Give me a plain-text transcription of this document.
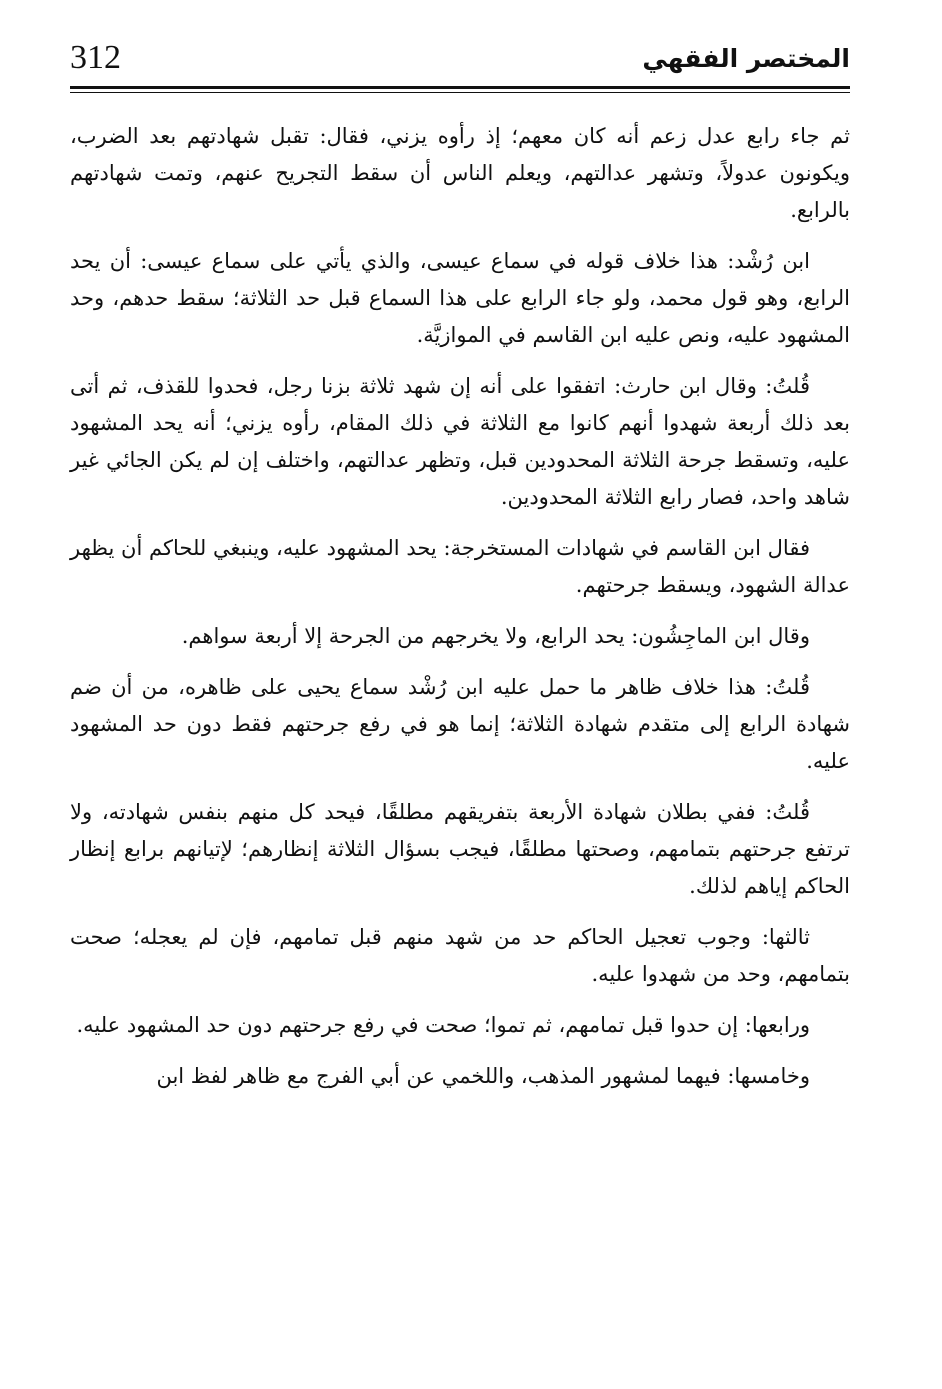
312	المختصر الفقهي

ثم جاء رابع عدل زعم أنه كان معهم؛ إذ رأوه يزني، فقال: تقبل شهادتهم بعد الضرب، ويكونون عدولاً، وتشهر عدالتهم، ويعلم الناس أن سقط التجريح عنهم، وتمت شهادتهم بالرابع.

ابن رُشْد: هذا خلاف قوله في سماع عيسى، والذي يأتي على سماع عيسى: أن يحد الرابع، وهو قول محمد، ولو جاء الرابع على هذا السماع قبل حد الثلاثة؛ سقط حدهم، وحد المشهود عليه، ونص عليه ابن القاسم في الموازيَّة.

قُلتُ: وقال ابن حارث: اتفقوا على أنه إن شهد ثلاثة بزنا رجل، فحدوا للقذف، ثم أتى بعد ذلك أربعة شهدوا أنهم كانوا مع الثلاثة في ذلك المقام، رأوه يزني؛ أنه يحد المشهود عليه، وتسقط جرحة الثلاثة المحدودين قبل، وتظهر عدالتهم، واختلف إن لم يكن الجائي غير شاهد واحد، فصار رابع الثلاثة المحدودين.

فقال ابن القاسم في شهادات المستخرجة: يحد المشهود عليه، وينبغي للحاكم أن يظهر عدالة الشهود، ويسقط جرحتهم.

وقال ابن الماجِشُون: يحد الرابع، ولا يخرجهم من الجرحة إلا أربعة سواهم.

قُلتُ: هذا خلاف ظاهر ما حمل عليه ابن رُشْد سماع يحيى على ظاهره، من أن ضم شهادة الرابع إلى متقدم شهادة الثلاثة؛ إنما هو في رفع جرحتهم فقط دون حد المشهود عليه.

قُلتُ: ففي بطلان شهادة الأربعة بتفريقهم مطلقًا، فيحد كل منهم بنفس شهادته، ولا ترتفع جرحتهم بتمامهم، وصحتها مطلقًا، فيجب بسؤال الثلاثة إنظارهم؛ لإتيانهم برابع إنظار الحاكم إياهم لذلك.

ثالثها: وجوب تعجيل الحاكم حد من شهد منهم قبل تمامهم، فإن لم يعجله؛ صحت بتمامهم، وحد من شهدوا عليه.

ورابعها: إن حدوا قبل تمامهم، ثم تموا؛ صحت في رفع جرحتهم دون حد المشهود عليه.

وخامسها: فيهما لمشهور المذهب، واللخمي عن أبي الفرج مع ظاهر لفظ ابن
